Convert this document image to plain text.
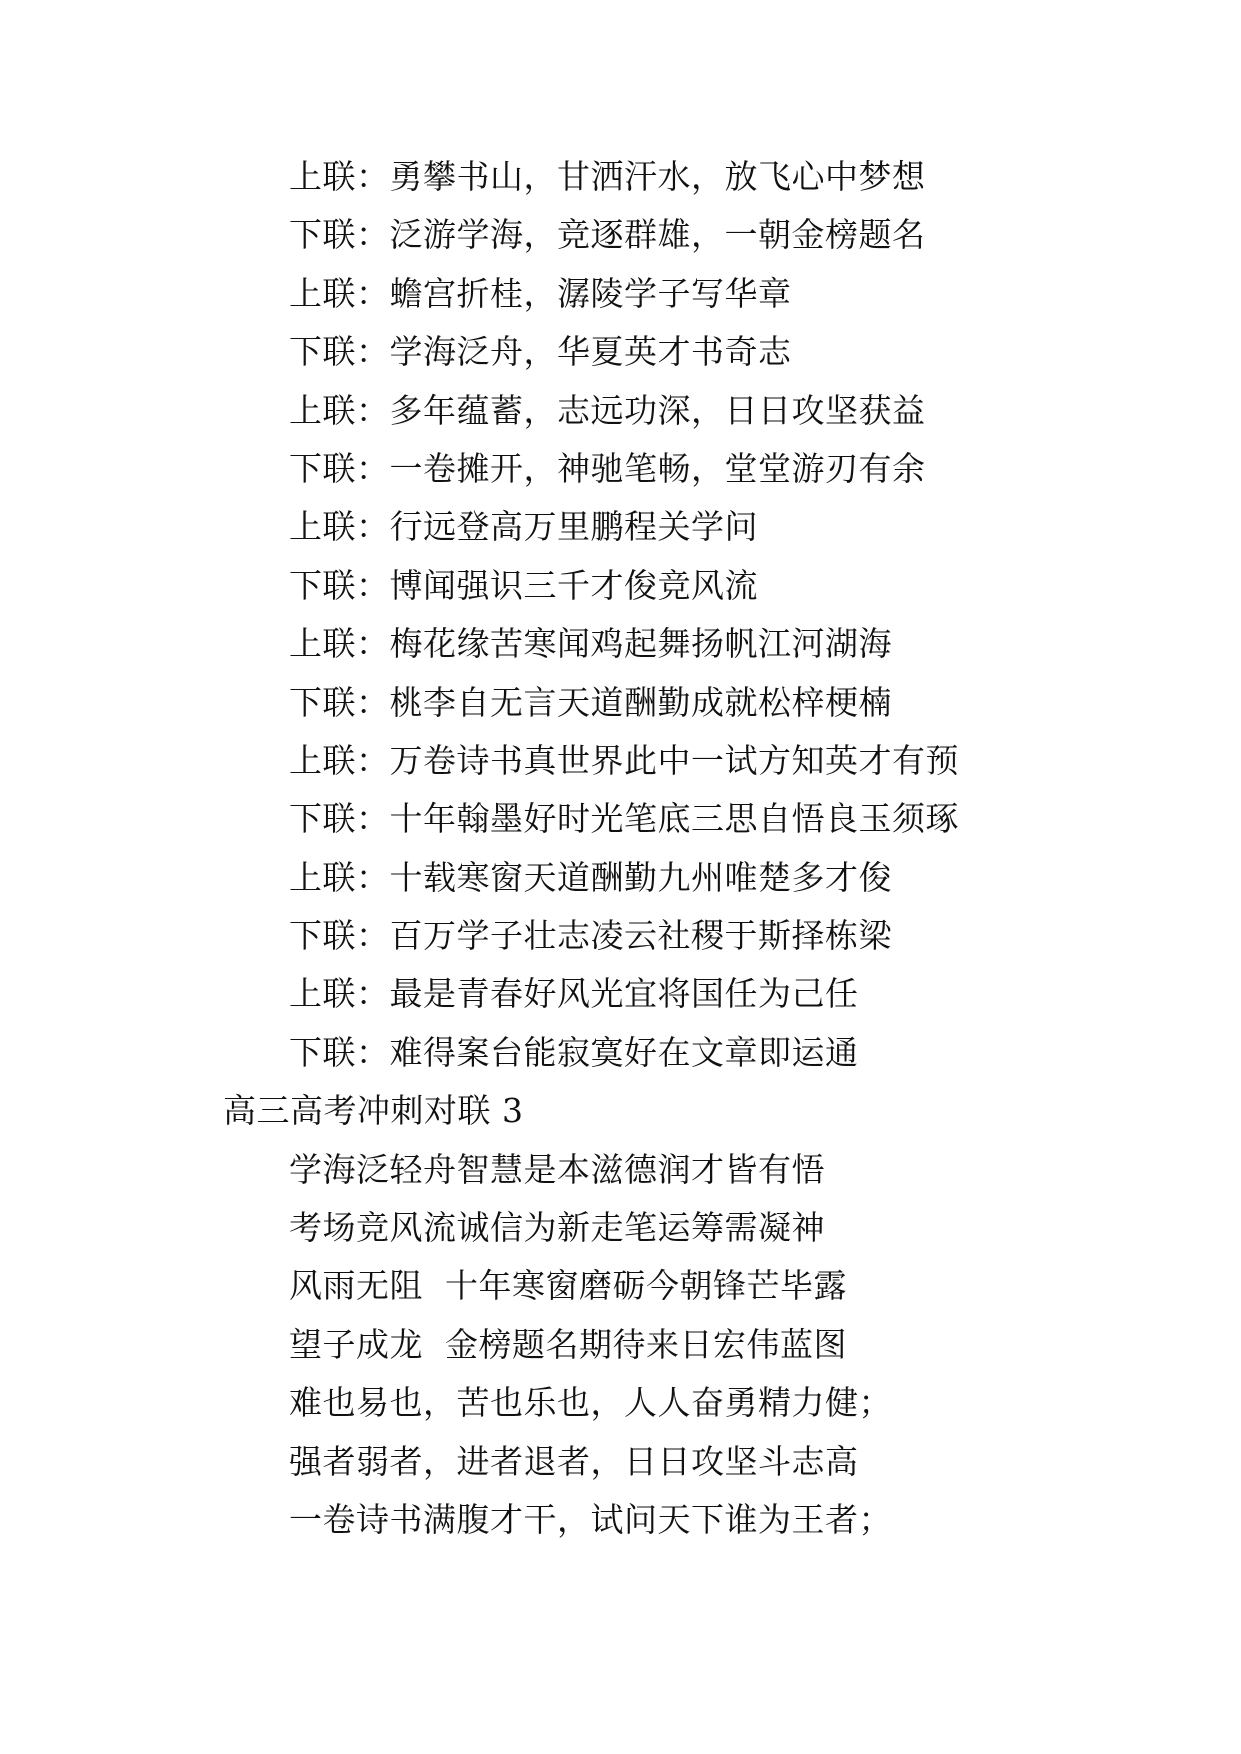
上联：勇攀书山，甘洒汗水，放飞心中梦想
下联：泛游学海，竞逐群雄，一朝金榜题名
上联：蟾宫折桂，潺陵学子写华章
下联：学海泛舟，华夏英才书奇志
上联：多年蕴蓄，志远功深，日日攻坚获益
下联：一卷摊开，神驰笔畅，堂堂游刃有余
上联：行远登高万里鹏程关学问
下联：博闻强识三千才俊竞风流
上联：梅花缘苦寒闻鸡起舞扬帆江河湖海
下联：桃李自无言天道酬勤成就松梓梗楠
上联：万卷诗书真世界此中一试方知英才有预
下联：十年翰墨好时光笔底三思自悟良玉须琢
上联：十载寒窗天道酬勤九州唯楚多才俊
下联：百万学子壮志凌云社稷于斯择栋梁
上联：最是青春好风光宜将国任为己任
下联：难得案台能寂寞好在文章即运通
高三高考冲刺对联 3
学海泛轻舟智慧是本滋德润才皆有悟
考场竞风流诚信为新走笔运筹需凝神
风雨无阻  十年寒窗磨砺今朝锋芒毕露
望子成龙  金榜题名期待来日宏伟蓝图
难也易也，苦也乐也，人人奋勇精力健；
强者弱者，进者退者，日日攻坚斗志高
一卷诗书满腹才干，试问天下谁为王者；
